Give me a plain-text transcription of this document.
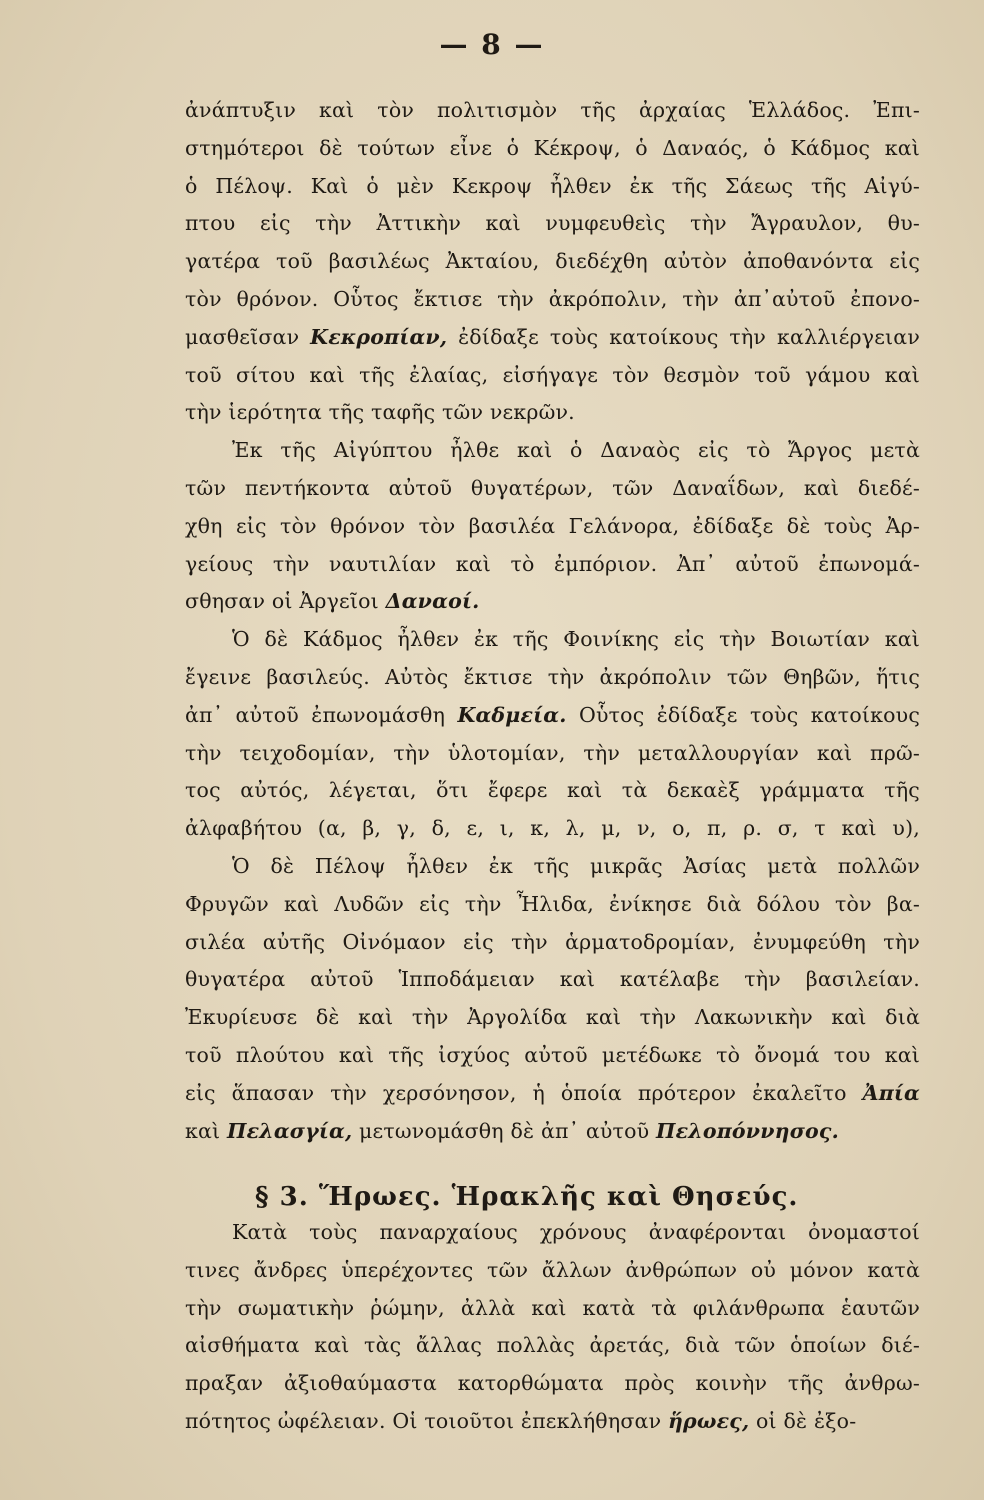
— 8 —
ἀνάπτυξιν καὶ τὸν πολιτισμὸν τῆς ἀρχαίας Ἑλλάδος. Ἐπι-
στημότεροι δὲ τούτων εἶνε ὁ Κέκροψ, ὁ Δαναός, ὁ Κάδμος καὶ
ὁ Πέλοψ. Καὶ ὁ μὲν Κεκροψ ἦλθεν ἐκ τῆς Σάεως τῆς Αἰγύ-
πτου εἰς τὴν Ἀττικὴν καὶ νυμφευθεὶς τὴν Ἄγραυλον, θυ-
γατέρα τοῦ βασιλέως Ἀκταίου, διεδέχθη αὐτὸν ἀποθανόντα εἰς
τὸν θρόνον. Οὗτος ἔκτισε τὴν ἀκρόπολιν, τὴν ἀπ᾽αὐτοῦ ἐπονο-
μασθεῖσαν Κεκροπίαν, ἐδίδαξε τοὺς κατοίκους τὴν καλλιέργειαν
τοῦ σίτου καὶ τῆς ἐλαίας, εἰσήγαγε τὸν θεσμὸν τοῦ γάμου καὶ
τὴν ἱερότητα τῆς ταφῆς τῶν νεκρῶν.
Ἐκ τῆς Αἰγύπτου ἦλθε καὶ ὁ Δαναὸς εἰς τὸ Ἄργος μετὰ
τῶν πεντήκοντα αὐτοῦ θυγατέρων, τῶν Δαναΐδων, καὶ διεδέ-
χθη εἰς τὸν θρόνον τὸν βασιλέα Γελάνορα, ἐδίδαξε δὲ τοὺς Ἀρ-
γείους τὴν ναυτιλίαν καὶ τὸ ἐμπόριον. Ἀπ᾽ αὐτοῦ ἐπωνομά-
σθησαν οἱ Ἀργεῖοι Δαναοί.
Ὁ δὲ Κάδμος ἦλθεν ἐκ τῆς Φοινίκης εἰς τὴν Βοιωτίαν καὶ
ἔγεινε βασιλεύς. Αὐτὸς ἔκτισε τὴν ἀκρόπολιν τῶν Θηβῶν, ἥτις
ἀπ᾽ αὐτοῦ ἐπωνομάσθη Καδμεία. Οὗτος ἐδίδαξε τοὺς κατοίκους
τὴν τειχοδομίαν, τὴν ὑλοτομίαν, τὴν μεταλλουργίαν καὶ πρῶ-
τος αὐτός, λέγεται, ὅτι ἔφερε καὶ τὰ δεκαὲξ γράμματα τῆς
ἀλφαβήτου (α, β, γ, δ, ε, ι, κ, λ, μ, ν, ο, π, ρ. σ, τ καὶ υ),
Ὁ δὲ Πέλοψ ἦλθεν ἐκ τῆς μικρᾶς Ἀσίας μετὰ πολλῶν
Φρυγῶν καὶ Λυδῶν εἰς τὴν Ἦλιδα, ἐνίκησε διὰ δόλου τὸν βα-
σιλέα αὐτῆς Οἰνόμαον εἰς τὴν ἁρματοδρομίαν, ἐνυμφεύθη τὴν
θυγατέρα αὐτοῦ Ἱπποδάμειαν καὶ κατέλαβε τὴν βασιλείαν.
Ἐκυρίευσε δὲ καὶ τὴν Ἀργολίδα καὶ τὴν Λακωνικὴν καὶ διὰ
τοῦ πλούτου καὶ τῆς ἰσχύος αὐτοῦ μετέδωκε τὸ ὄνομά του καὶ
εἰς ἅπασαν τὴν χερσόνησον, ἡ ὁποία πρότερον ἐκαλεῖτο Ἀπία
καὶ Πελασγία, μετωνομάσθη δὲ ἀπ᾽ αὐτοῦ Πελοπόννησος.
§ 3. Ἥρωες. Ἡρακλῆς καὶ Θησεύς.
Κατὰ τοὺς παναρχαίους χρόνους ἀναφέρονται ὀνομαστοί
τινες ἄνδρες ὑπερέχοντες τῶν ἄλλων ἀνθρώπων οὐ μόνον κατὰ
τὴν σωματικὴν ῥώμην, ἀλλὰ καὶ κατὰ τὰ φιλάνθρωπα ἑαυτῶν
αἰσθήματα καὶ τὰς ἄλλας πολλὰς ἀρετάς, διὰ τῶν ὁποίων διέ-
πραξαν ἀξιοθαύμαστα κατορθώματα πρὸς κοινὴν τῆς ἀνθρω-
πότητος ὠφέλειαν. Οἱ τοιοῦτοι ἐπεκλήθησαν ἥρωες, οἱ δὲ ἐξο-
